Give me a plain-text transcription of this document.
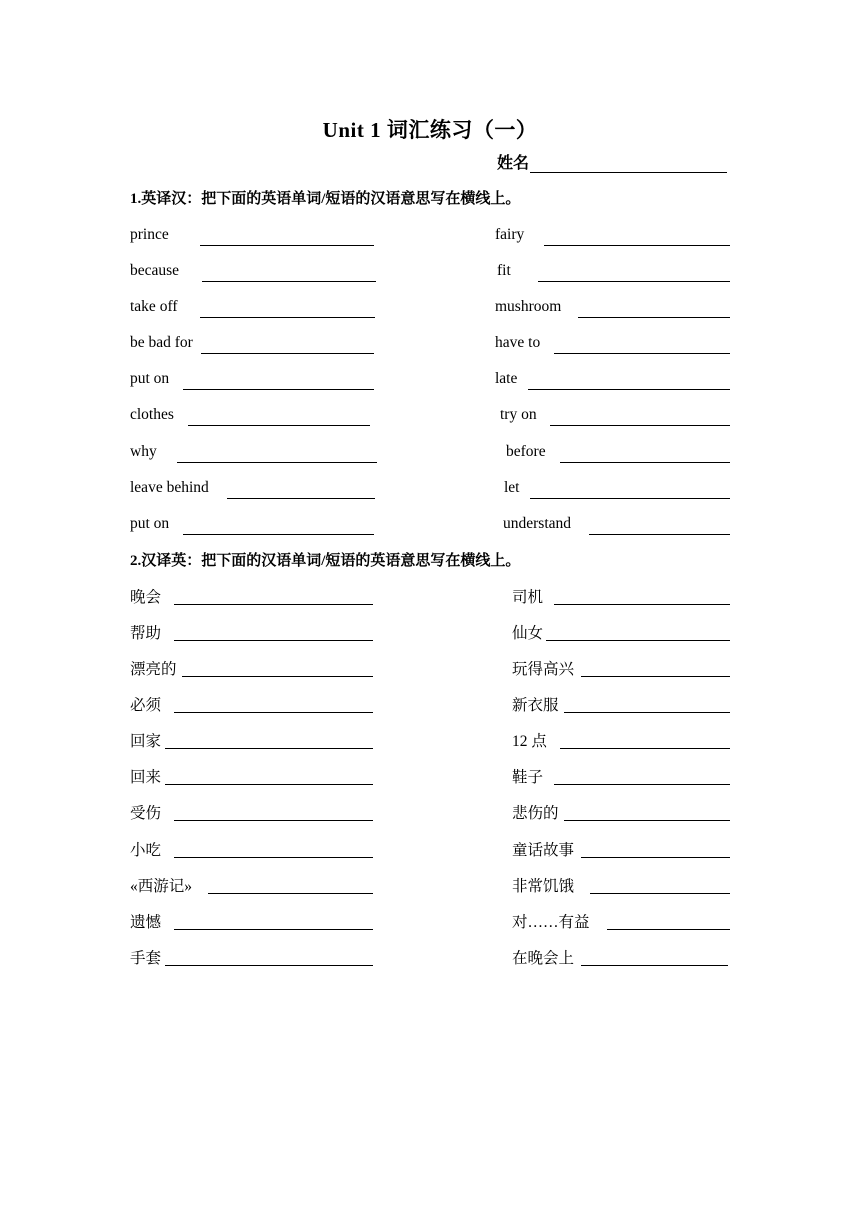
Unit 1 词汇练习（一）
姓名
1.英译汉：把下面的英语单词/短语的汉语意思写在横线上。
prince
because
take off
be bad for
put on
clothes
why
leave behind
put on
fairy
fit
mushroom
have to
late
try on
before
let
understand
2.汉译英：把下面的汉语单词/短语的英语意思写在横线上。
晚会
帮助
漂亮的
必须
回家
回来
受伤
小吃
«西游记»
遗憾
手套
司机
仙女
玩得高兴
新衣服
12 点
鞋子
悲伤的
童话故事
非常饥饿
对……有益
在晚会上
